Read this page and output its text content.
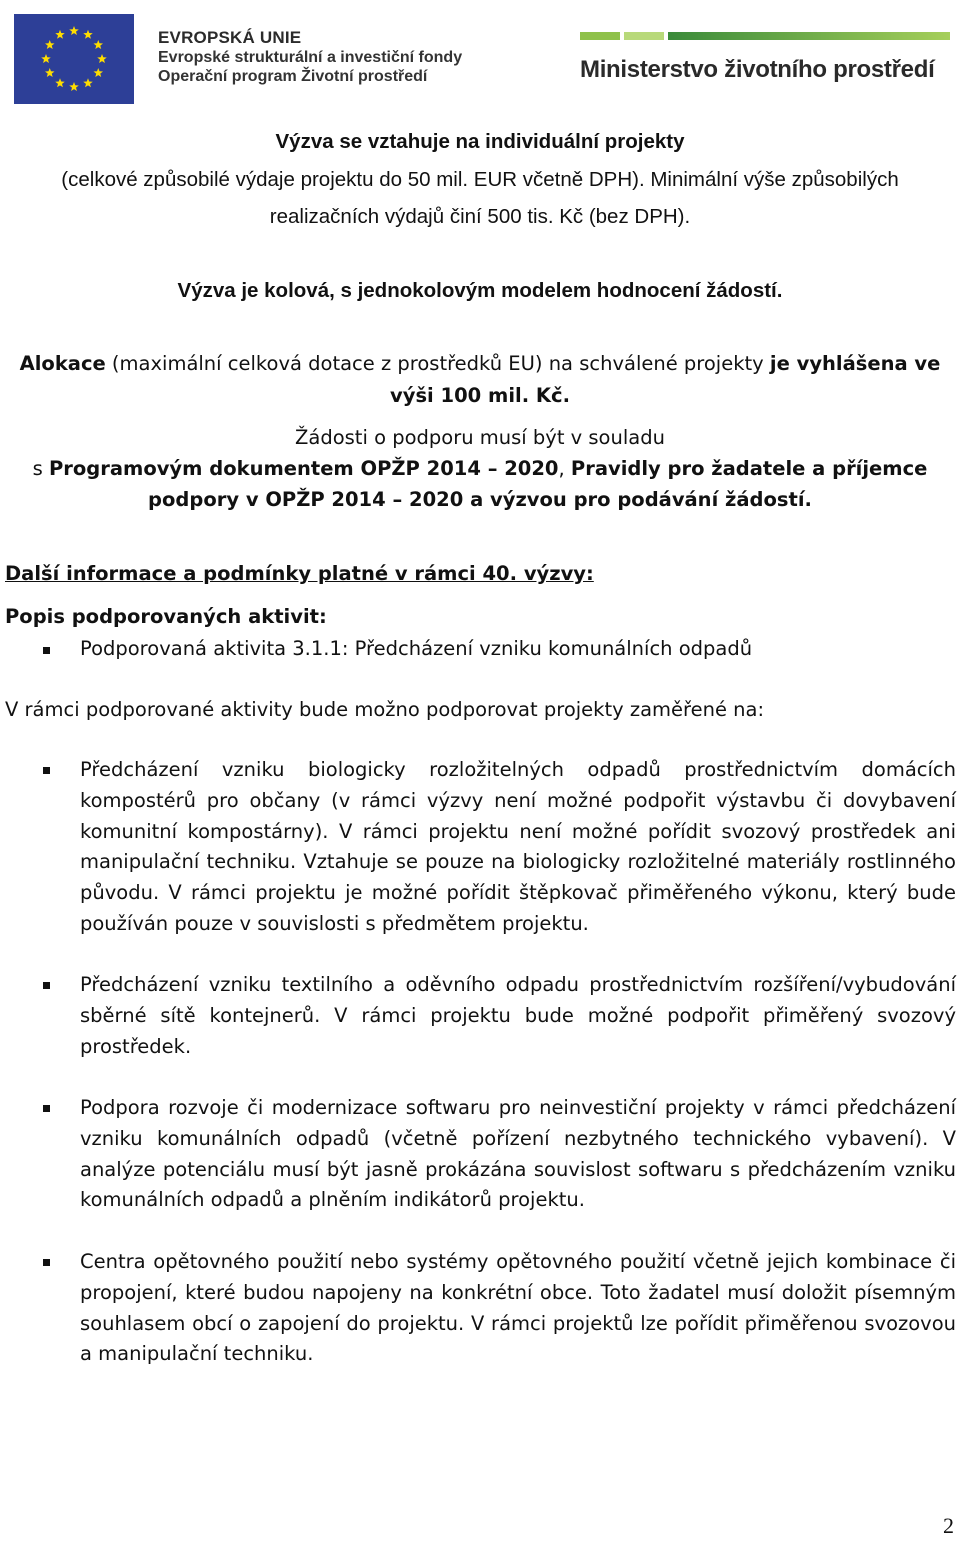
EVROPSKÁ UNIE
Evropské strukturální a investiční fondy
Operační program Životní prostředí	Ministerstvo životního prostředí
Výzva se vztahuje na individuální projekty
(celkové způsobilé výdaje projektu do 50 mil. EUR včetně DPH). Minimální výše způsobilých
realizačních výdajů činí 500 tis. Kč (bez DPH).
Výzva je kolová, s jednokolovým modelem hodnocení žádostí.
Alokace (maximální celková dotace z prostředků EU) na schválené projekty je vyhlášena ve
výši 100 mil. Kč.
Žádosti o podporu musí být v souladu
s Programovým dokumentem OPŽP 2014 – 2020, Pravidly pro žadatele a příjemce
podpory v OPŽP 2014 – 2020 a výzvou pro podávání žádostí.
Další informace a podmínky platné v rámci 40. výzvy:
Popis podporovaných aktivit:
Podporovaná aktivita 3.1.1: Předcházení vzniku komunálních odpadů
V rámci podporované aktivity bude možno podporovat projekty zaměřené na:
Předcházení vzniku biologicky rozložitelných odpadů prostřednictvím domácích kompostérů pro občany (v rámci výzvy není možné podpořit výstavbu či dovybavení komunitní kompostárny). V rámci projektu není možné pořídit svozový prostředek ani manipulační techniku. Vztahuje se pouze na biologicky rozložitelné materiály rostlinného původu. V rámci projektu je možné pořídit štěpkovač přiměřeného výkonu, který bude používán pouze v souvislosti s předmětem projektu.
Předcházení vzniku textilního a oděvního odpadu prostřednictvím rozšíření/vybudování sběrné sítě kontejnerů. V rámci projektu bude možné podpořit přiměřený svozový prostředek.
Podpora rozvoje či modernizace softwaru pro neinvestiční projekty v rámci předcházení vzniku komunálních odpadů (včetně pořízení nezbytného technického vybavení). V analýze potenciálu musí být jasně prokázána souvislost softwaru s předcházením vzniku komunálních odpadů a plněním indikátorů projektu.
Centra opětovného použití nebo systémy opětovného použití včetně jejich kombinace či propojení, které budou napojeny na konkrétní obce. Toto žadatel musí doložit písemným souhlasem obcí o zapojení do projektu. V rámci projektů lze pořídit přiměřenou svozovou a manipulační techniku.
2
